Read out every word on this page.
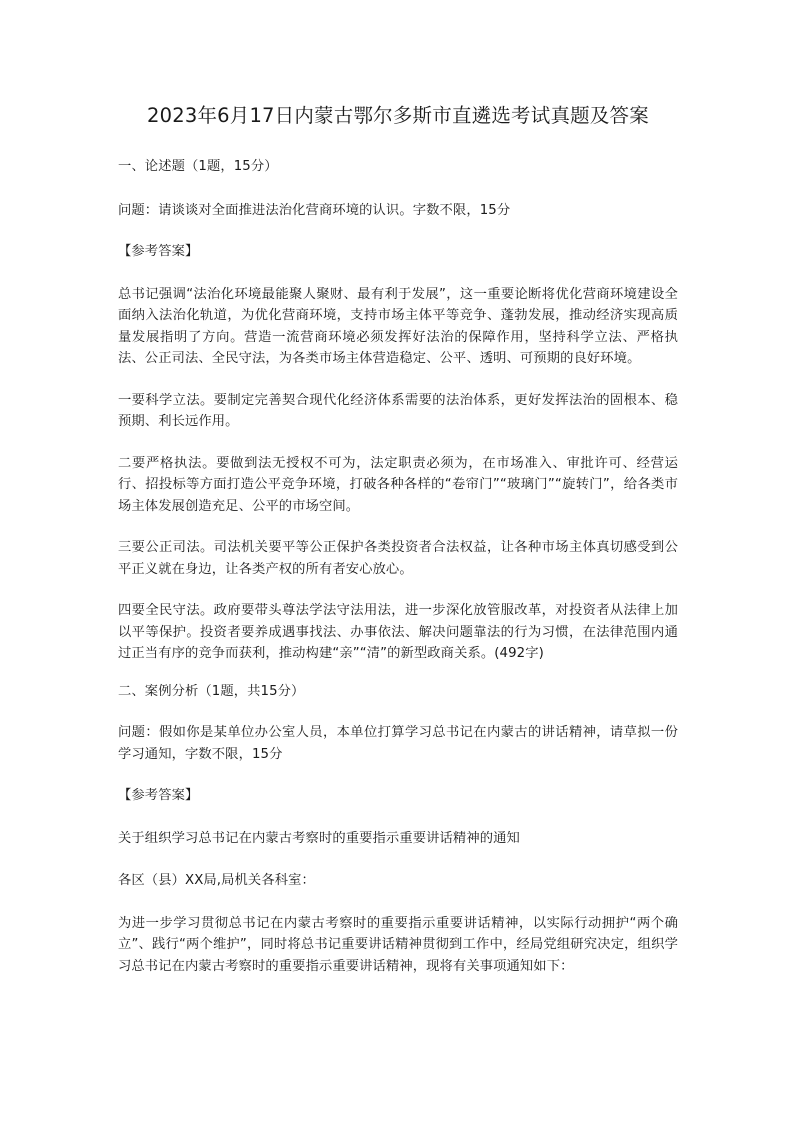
2023年6月17日内蒙古鄂尔多斯市直遴选考试真题及答案

一、论述题（1题，15分）

问题：请谈谈对全面推进法治化营商环境的认识。字数不限，15分

【参考答案】

总书记强调“法治化环境最能聚人聚财、最有利于发展”，这一重要论断将优化营商环境建设全面纳入法治化轨道，为优化营商环境，支持市场主体平等竞争、蓬勃发展，推动经济实现高质量发展指明了方向。营造一流营商环境必须发挥好法治的保障作用，坚持科学立法、严格执法、公正司法、全民守法，为各类市场主体营造稳定、公平、透明、可预期的良好环境。

一要科学立法。要制定完善契合现代化经济体系需要的法治体系，更好发挥法治的固根本、稳预期、利长远作用。

二要严格执法。要做到法无授权不可为，法定职责必须为，在市场准入、审批许可、经营运行、招投标等方面打造公平竞争环境，打破各种各样的“卷帘门”“玻璃门”“旋转门”，给各类市场主体发展创造充足、公平的市场空间。

三要公正司法。司法机关要平等公正保护各类投资者合法权益，让各种市场主体真切感受到公平正义就在身边，让各类产权的所有者安心放心。

四要全民守法。政府要带头尊法学法守法用法，进一步深化放管服改革，对投资者从法律上加以平等保护。投资者要养成遇事找法、办事依法、解决问题靠法的行为习惯，在法律范围内通过正当有序的竞争而获利，推动构建“亲”“清”的新型政商关系。(492字)

二、案例分析（1题，共15分）

问题：假如你是某单位办公室人员，本单位打算学习总书记在内蒙古的讲话精神，请草拟一份学习通知，字数不限，15分

【参考答案】

关于组织学习总书记在内蒙古考察时的重要指示重要讲话精神的通知

各区（县）XX局,局机关各科室：

为进一步学习贯彻总书记在内蒙古考察时的重要指示重要讲话精神，以实际行动拥护“两个确立”、践行“两个维护”，同时将总书记重要讲话精神贯彻到工作中，经局党组研究决定，组织学习总书记在内蒙古考察时的重要指示重要讲话精神，现将有关事项通知如下：
